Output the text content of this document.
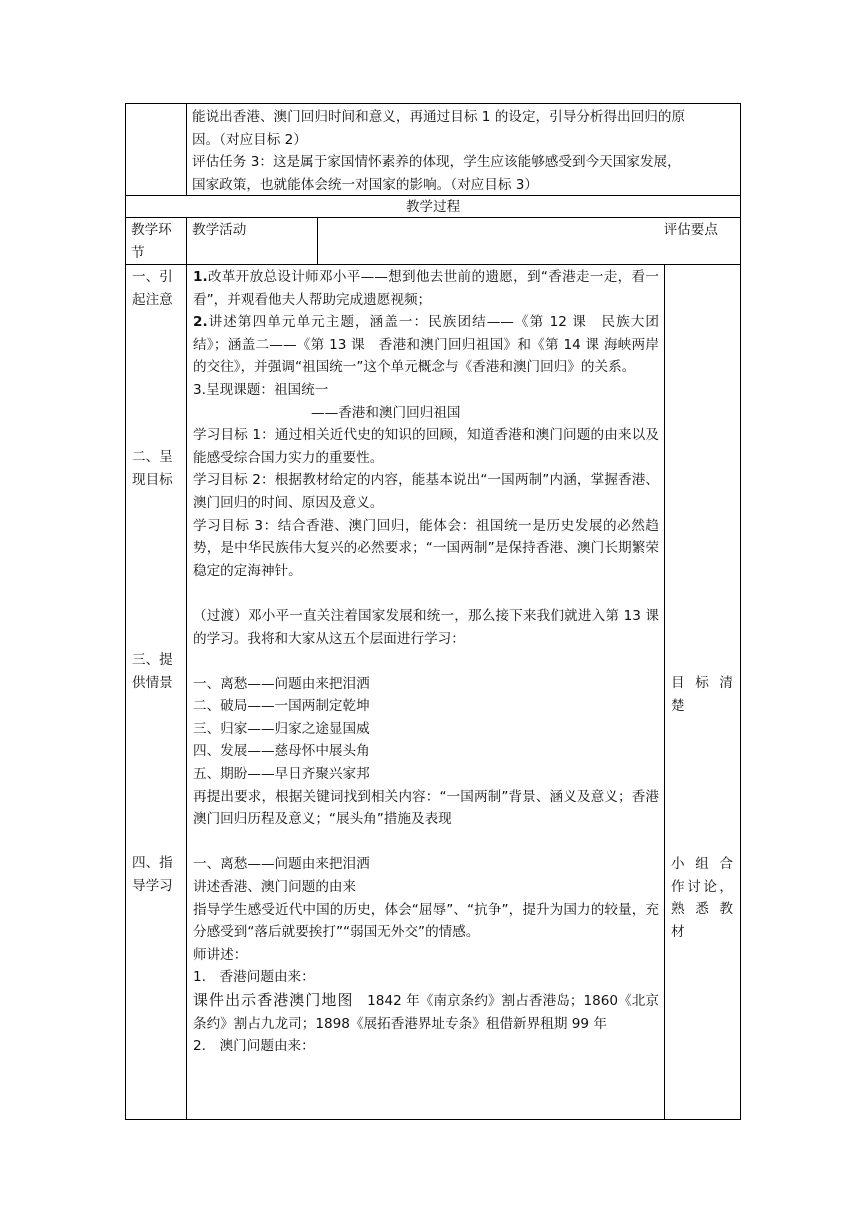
能说出香港、澳门回归时间和意义，再通过目标 1 的设定，引导分析得出回归的原
因。（对应目标 2）
评估任务 3：这是属于家国情怀素养的体现，学生应该能够感受到今天国家发展，
国家政策，也就能体会统一对国家的影响。（对应目标 3）
教学过程
教学环节
教学活动	评估要点
一、引起注意
二、呈现目标
三、提供情景
四、指导学习

1.改革开放总设计师邓小平——想到他去世前的遗愿，到“香港走一走，看一看”，并观看他夫人帮助完成遗愿视频；

2.讲述第四单元单元主题，涵盖一：民族团结——《第 12 课　民族大团结》；涵盖二——《第 13 课　香港和澳门回归祖国》和《第 14 课 海峡两岸的交往》，并强调“祖国统一”这个单元概念与《香港和澳门回归》的关系。

3.呈现课题：祖国统一

——香港和澳门回归祖国

学习目标 1：通过相关近代史的知识的回顾，知道香港和澳门问题的由来以及能感受综合国力实力的重要性。

学习目标 2：根据教材给定的内容，能基本说出“一国两制”内涵，掌握香港、澳门回归的时间、原因及意义。

学习目标 3：结合香港、澳门回归，能体会：祖国统一是历史发展的必然趋势，是中华民族伟大复兴的必然要求；“一国两制”是保持香港、澳门长期繁荣稳定的定海神针。

（过渡）邓小平一直关注着国家发展和统一，那么接下来我们就进入第 13 课的学习。我将和大家从这五个层面进行学习：

一、离愁——问题由来把泪洒

二、破局——一国两制定乾坤

三、归家——归家之途显国威

四、发展——慈母怀中展头角

五、期盼——早日齐聚兴家邦

再提出要求，根据关键词找到相关内容：“一国两制”背景、涵义及意义；香港澳门回归历程及意义；“展头角”措施及表现

一、离愁——问题由来把泪洒

讲述香港、澳门问题的由来

指导学生感受近代中国的历史，体会“屈辱”、“抗争”，提升为国力的较量，充分感受到“落后就要挨打”“弱国无外交”的情感。

师讲述：

1.　香港问题由来：

课件出示香港澳门地图　1842 年《南京条约》割占香港岛；1860《北京条约》割占九龙司；1898《展拓香港界址专条》租借新界租期 99 年

2.　澳门问题由来：

目 标 清楚
小 组 合作讨论，熟 悉 教材
